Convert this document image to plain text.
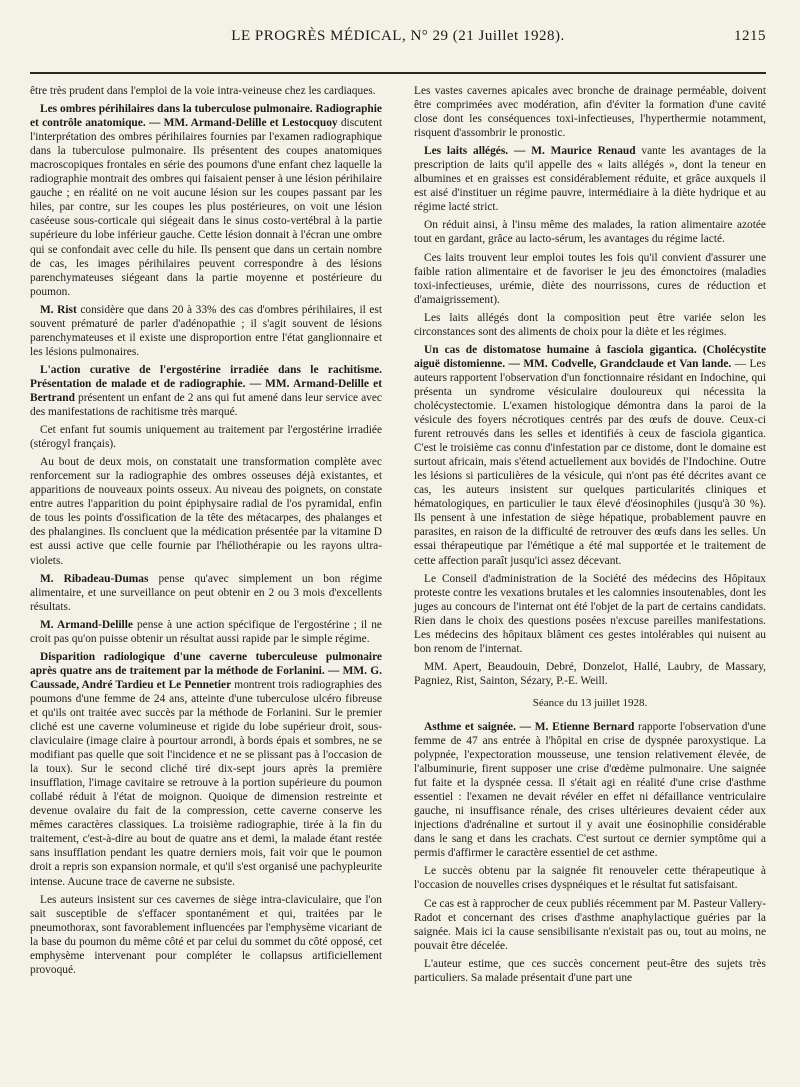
LE PROGRÈS MÉDICAL, N° 29 (21 Juillet 1928).	1215

être très prudent dans l'emploi de la voie intra-veineuse chez les cardiaques.

Les ombres périhilaires dans la tuberculose pulmonaire. Radiographie et contrôle anatomique. — MM. Armand-Delille et Lestocquoy discutent l'interprétation des ombres périhilaires fournies par l'examen radiographique dans la tuberculose pulmonaire. Ils présentent des coupes anatomiques macroscopiques frontales en série des poumons d'une enfant chez laquelle la radiographie montrait des ombres qui faisaient penser à une lésion périhilaire gauche ; en réalité on ne voit aucune lésion sur les coupes passant par les hiles, par contre, sur les coupes les plus postérieures, on voit une lésion caséeuse sous-corticale qui siégeait dans le sinus costo-vertébral à la partie supérieure du lobe inférieur gauche. Cette lésion donnait à l'écran une ombre qui se confondait avec celle du hile. Ils pensent que dans un certain nombre de cas, les images périhilaires peuvent correspondre à des lésions parenchymateuses siégeant dans la partie moyenne et postérieure du poumon.

M. Rist considère que dans 20 à 33% des cas d'ombres périhilaires, il est souvent prématuré de parler d'adénopathie ; il s'agit souvent de lésions parenchymateuses et il existe une disproportion entre l'état ganglionnaire et les lésions pulmonaires.

L'action curative de l'ergostérine irradiée dans le rachitisme. Présentation de malade et de radiographie. — MM. Armand-Delille et Bertrand présentent un enfant de 2 ans qui fut amené dans leur service avec des manifestations de rachitisme très marqué.

Cet enfant fut soumis uniquement au traitement par l'ergostérine irradiée (stérogyl français).

Au bout de deux mois, on constatait une transformation complète avec renforcement sur la radiographie des ombres osseuses déjà existantes, et apparitions de nouveaux points osseux. Au niveau des poignets, on constate entre autres l'apparition du point épiphysaire radial de l'os pyramidal, enfin de tous les points d'ossification de la tête des métacarpes, des phalanges et des phalangines. Ils concluent que la médication présentée par la vitamine D est aussi active que celle fournie par l'héliothérapie ou les rayons ultra-violets.

M. Ribadeau-Dumas pense qu'avec simplement un bon régime alimentaire, et une surveillance on peut obtenir en 2 ou 3 mois d'excellents résultats.

M. Armand-Delille pense à une action spécifique de l'ergostérine ; il ne croit pas qu'on puisse obtenir un résultat aussi rapide par le simple régime.

Disparition radiologique d'une caverne tuberculeuse pulmonaire après quatre ans de traitement par la méthode de Forlanini. — MM. G. Caussade, André Tardieu et Le Pennetier montrent trois radiographies des poumons d'une femme de 24 ans, atteinte d'une tuberculose ulcéro fibreuse et qu'ils ont traitée avec succès par la méthode de Forlanini. Sur le premier cliché est une caverne volumineuse et rigide du lobe supérieur droit, sous-claviculaire (image claire à pourtour arrondi, à bords épais et sombres, ne se modifiant pas quelle que soit l'incidence et ne se plissant pas à l'occasion de la toux). Sur le second cliché tiré dix-sept jours après la première insufflation, l'image cavitaire se retrouve à la portion supérieure du poumon collabé réduit à l'état de moignon. Quoique de dimension restreinte et devenue ovalaire du fait de la compression, cette caverne conserve les mêmes caractères classiques. La troisième radiographie, tirée à la fin du traitement, c'est-à-dire au bout de quatre ans et demi, la malade étant restée sans insufflation pendant les quatre derniers mois, fait voir que le poumon droit a repris son expansion normale, et qu'il s'est organisé une pachypleurite intense. Aucune trace de caverne ne subsiste.

Les auteurs insistent sur ces cavernes de siège intra-claviculaire, que l'on sait susceptible de s'effacer spontanément et qui, traitées par le pneumothorax, sont favorablement influencées par l'emphysème vicariant de la base du poumon du même côté et par celui du sommet du côté opposé, cet emphysème intervenant pour compléter le collapsus artificiellement provoqué.

Les vastes cavernes apicales avec bronche de drainage perméable, doivent être comprimées avec modération, afin d'éviter la formation d'une cavité close dont les conséquences toxi-infectieuses, l'hyperthermie notamment, risquent d'assombrir le pronostic.

Les laits allégés. — M. Maurice Renaud vante les avantages de la prescription de laits qu'il appelle des « laits allégés », dont la teneur en albumines et en graisses est considérablement réduite, et grâce auxquels il est aisé d'instituer un régime pauvre, intermédiaire à la diète hydrique et au régime lacté strict.

On réduit ainsi, à l'insu même des malades, la ration alimentaire azotée tout en gardant, grâce au lacto-sérum, les avantages du régime lacté.

Ces laits trouvent leur emploi toutes les fois qu'il convient d'assurer une faible ration alimentaire et de favoriser le jeu des émonctoires (maladies toxi-infectieuses, urémie, diète des nourrissons, cures de réduction et d'amaigrissement).

Les laits allégés dont la composition peut être variée selon les circonstances sont des aliments de choix pour la diète et les régimes.

Un cas de distomatose humaine à fasciola gigantica. (Cholécystite aiguë distomienne. — MM. Codvelle, Grandclaude et Van lande. — Les auteurs rapportent l'observation d'un fonctionnaire résidant en Indochine, qui présenta un syndrome vésiculaire douloureux qui nécessita la cholécystectomie. L'examen histologique démontra dans la paroi de la vésicule des foyers nécrotiques centrés par des œufs de douve. Ceux-ci furent retrouvés dans les selles et identifiés à ceux de fasciola gigantica. C'est le troisième cas connu d'infestation par ce distome, dont le domaine est surtout africain, mais s'étend actuellement aux bovidés de l'Indochine. Outre les lésions si particulières de la vésicule, qui n'ont pas été décrites avant ce cas, les auteurs insistent sur quelques particularités cliniques et hématologiques, en particulier le taux élevé d'éosinophiles (jusqu'à 30 %). Ils pensent à une infestation de siège hépatique, probablement pauvre en parasites, en raison de la difficulté de retrouver des œufs dans les selles. Un essai thérapeutique par l'émétique a été mal supportée et le traitement de cette affection paraît jusqu'ici assez décevant.

Le Conseil d'administration de la Société des médecins des Hôpitaux proteste contre les vexations brutales et les calomnies insoutenables, dont les juges au concours de l'internat ont été l'objet de la part de certains candidats. Rien dans le choix des questions posées n'excuse pareilles manifestations. Les médecins des hôpitaux blâment ces gestes intolérables qui nuisent au bon renom de l'internat.

MM. Apert, Beaudouin, Debré, Donzelot, Hallé, Laubry, de Massary, Pagniez, Rist, Sainton, Sézary, P.-E. Weill.

Séance du 13 juillet 1928.

Asthme et saignée. — M. Etienne Bernard rapporte l'observation d'une femme de 47 ans entrée à l'hôpital en crise de dyspnée paroxystique. La polypnée, l'expectoration mousseuse, une tension relativement élevée, de l'albuminurie, firent supposer une crise d'œdème pulmonaire. Une saignée fut faite et la dyspnée cessa. Il s'était agi en réalité d'une crise d'asthme essentiel : l'examen ne devait révéler en effet ni défaillance ventriculaire gauche, ni insuffisance rénale, des crises ultérieures devaient céder aux injections d'adrénaline et surtout il y avait une éosinophilie considérable dans le sang et dans les crachats. C'est surtout ce dernier symptôme qui a permis d'affirmer le caractère essentiel de cet asthme.

Le succès obtenu par la saignée fit renouveler cette thérapeutique à l'occasion de nouvelles crises dyspnéiques et le résultat fut satisfaisant.

Ce cas est à rapprocher de ceux publiés récemment par M. Pasteur Vallery-Radot et concernant des crises d'asthme anaphylactique guéries par la saignée. Mais ici la cause sensibilisante n'existait pas ou, tout au moins, ne pouvait être décelée.

L'auteur estime, que ces succès concernent peut-être des sujets très particuliers. Sa malade présentait d'une part une
